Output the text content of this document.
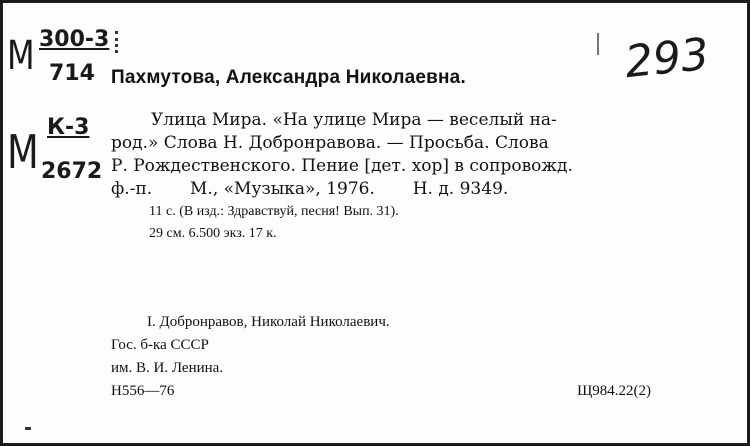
М 300-3
714
М К-3
2672
293
Пахмутова, Александра Николаевна.
Улица Мира. «На улице Мира — веселый на-
род.» Слова Н. Добронравова. — Просьба. Слова
Р. Рождественского. Пение [дет. хор] в сопровожд.
ф.-п.       М., «Музыка», 1976.       Н. д. 9349.
11 с. (В изд.: Здравствуй, песня! Вып. 31).
29 см. 6.500 экз. 17 к.
I. Добронравов, Николай Николаевич.
Гос. б-ка СССР
им. В. И. Ленина.
Н556—76	Щ984.22(2)
